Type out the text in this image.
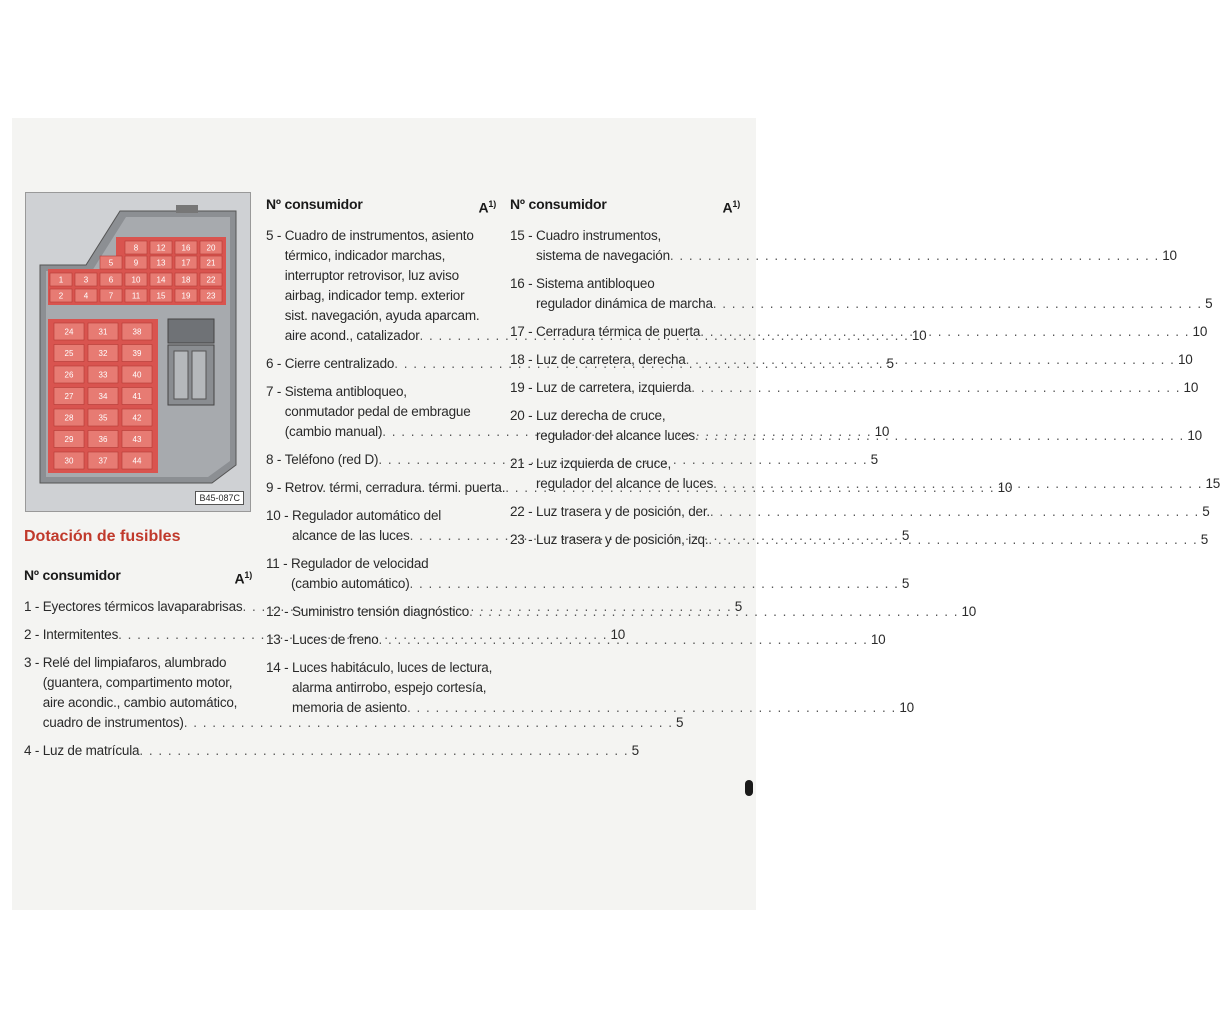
8 12 16 20
5	9 13 17 21
1	3	6 10 14 18 22
2	4	7 11 15 19 23
24	31	38
25	32	39
26	33	40
27	34	41
28	35	42
29	36	43
30	37	44
B45-087C
Dotación de fusibles
Nº consumidor	$A^{1)}$
1 - Eyectores térmicos lavaparabrisas . . .	5
2 - Intermitentes . . .	10
3 - Relé del limpiafaros, alumbrado
(guantera, compartimento motor,
aire acondic., cambio automático,
cuadro de instrumentos) . . .	5
4 - Luz de matrícula . . .	5
Nº consumidor	$A^{1)}$
5 - Cuadro de instrumentos, asiento
térmico, indicador marchas,
interruptor retrovisor, luz aviso
airbag, indicador temp. exterior
sist. navegación, ayuda aparcam.
aire acond., catalizador . . .	10
6 - Cierre centralizado . . .	5
7 - Sistema antibloqueo,
conmutador pedal de embrague
(cambio manual) . . .	10
8 - Teléfono (red D) . . .	5
9 - Retrov. térmi, cerradura. térmi. puerta. . . .	10
10 - Regulador automático del
alcance de las luces . . .	5
11 - Regulador de velocidad
(cambio automático) . . .	5
12 - Suministro tensión diagnóstico . . .	10
13 - Luces de freno . . .	10
14 - Luces habitáculo, luces de lectura,
alarma antirrobo, espejo cortesía,
memoria de asiento . . .	10
Nº consumidor	$A^{1)}$
15 - Cuadro instrumentos,
sistema de navegación . . .	10
16 - Sistema antibloqueo
regulador dinámica de marcha . . .	5
17 - Cerradura térmica de puerta . . .	10
18 - Luz de carretera, derecha . . .	10
19 - Luz de carretera, izquierda . . .	10
20 - Luz derecha de cruce,
regulador del alcance luces . . .	10
21 - Luz izquierda de cruce,
regulador del alcance de luces . . .	15
22 - Luz trasera y de posición, der. . . .	5
23 - Luz trasera y de posición, izq. . . .	5
